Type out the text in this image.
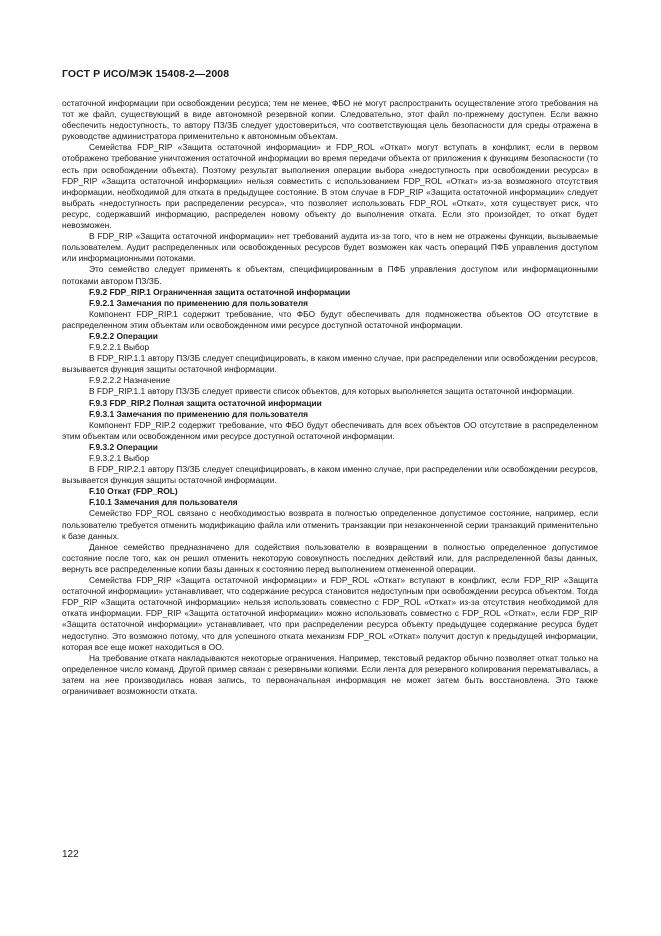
ГОСТ Р ИСО/МЭК 15408-2—2008

остаточной информации при освобождении ресурса; тем не менее, ФБО не могут распространить осуществление этого требования на тот же файл, существующий в виде автономной резервной копии. Следовательно, этот файл по-прежнему доступен. Если важно обеспечить недоступность, то автору ПЗ/ЗБ следует удостовериться, что соответствующая цель безопасности для среды отражена в руководстве администратора применительно к автономным объектам.

Семейства FDP_RIP «Защита остаточной информации» и FDP_ROL «Откат» могут вступать в конфликт, если в первом отображено требование уничтожения остаточной информации во время передачи объекта от приложения к функциям безопасности (то есть при освобождении объекта). Поэтому результат выполнения операции выбора «недоступность при освобождении ресурса» в FDP_RIP «Защита остаточной информации» нельзя совместить с использованием FDP_ROL «Откат» из-за возможного отсутствия информации, необходимой для отката в предыдущее состояние. В этом случае в FDP_RIP «Защита остаточной информации» следует выбрать «недоступность при распределении ресурса», что позволяет использовать FDP_ROL «Откат», хотя существует риск, что ресурс, содержавший информацию, распределен новому объекту до выполнения отката. Если это произойдет, то откат будет невозможен.

В FDP_RIP «Защита остаточной информации» нет требований аудита из-за того, что в нем не отражены функции, вызываемые пользователем. Аудит распределенных или освобожденных ресурсов будет возможен как часть операций ПФБ управления доступом или информационными потоками.

Это семейство следует применять к объектам, специфицированным в ПФБ управления доступом или информационными потоками автором ПЗ/ЗБ.

F.9.2 FDP_RIP.1 Ограниченная защита остаточной информации

F.9.2.1 Замечания по применению для пользователя

Компонент FDP_RIP.1 содержит требование, что ФБО будут обеспечивать для подмножества объектов ОО отсутствие в распределенном этим объектам или освобожденном ими ресурсе доступной остаточной информации.

F.9.2.2 Операции

F.9.2.2.1 Выбор

В FDP_RIP.1.1 автору ПЗ/ЗБ следует специфицировать, в каком именно случае, при распределении или освобождении ресурсов, вызывается функция защиты остаточной информации.

F.9.2.2.2 Назначение

В FDP_RIP.1.1 автору ПЗ/ЗБ следует привести список объектов, для которых выполняется защита остаточной информации.

F.9.3 FDP_RIP.2 Полная защита остаточной информации

F.9.3.1 Замечания по применению для пользователя

Компонент FDP_RIP.2 содержит требование, что ФБО будут обеспечивать для всех объектов ОО отсутствие в распределенном этим объектам или освобожденном ими ресурсе доступной остаточной информации.

F.9.3.2 Операции

F.9.3.2.1 Выбор

В FDP_RIP.2.1 автору ПЗ/ЗБ следует специфицировать, в каком именно случае, при распределении или освобождении ресурсов, вызывается функция защиты остаточной информации.

F.10 Откат (FDP_ROL)

F.10.1 Замечания для пользователя

Семейство FDP_ROL связано с необходимостью возврата в полностью определенное допустимое состояние, например, если пользователю требуется отменить модификацию файла или отменить транзакции при незаконченной серии транзакций применительно к базе данных.

Данное семейство предназначено для содействия пользователю в возвращении в полностью определенное допустимое состояние после того, как он решил отменить некоторую совокупность последних действий или, для распределенной базы данных, вернуть все распределенные копии базы данных к состоянию перед выполнением отмененной операции.

Семейства FDP_RIP «Защита остаточной информации» и FDP_ROL «Откат» вступают в конфликт, если FDP_RIP «Защита остаточной информации» устанавливает, что содержание ресурса становится недоступным при освобождении ресурса объектом. Тогда FDP_RIP «Защита остаточной информации» нельзя использовать совместно с FDP_ROL «Откат» из-за отсутствия необходимой для отката информации. FDP_RIP «Защита остаточной информации» можно использовать совместно с FDP_ROL «Откат», если FDP_RIP «Защита остаточной информации» устанавливает, что при распределении ресурса объекту предыдущее содержание ресурса будет недоступно. Это возможно потому, что для успешного отката механизм FDP_ROL «Откат» получит доступ к предыдущей информации, которая все еще может находиться в ОО.

На требование отката накладываются некоторые ограничения. Например, текстовый редактор обычно позволяет откат только на определенное число команд. Другой пример связан с резервными копиями. Если лента для резервного копирования перематывалась, а затем на нее производилась новая запись, то первоначальная информация не может затем быть восстановлена. Это также ограничивает возможности отката.

122
